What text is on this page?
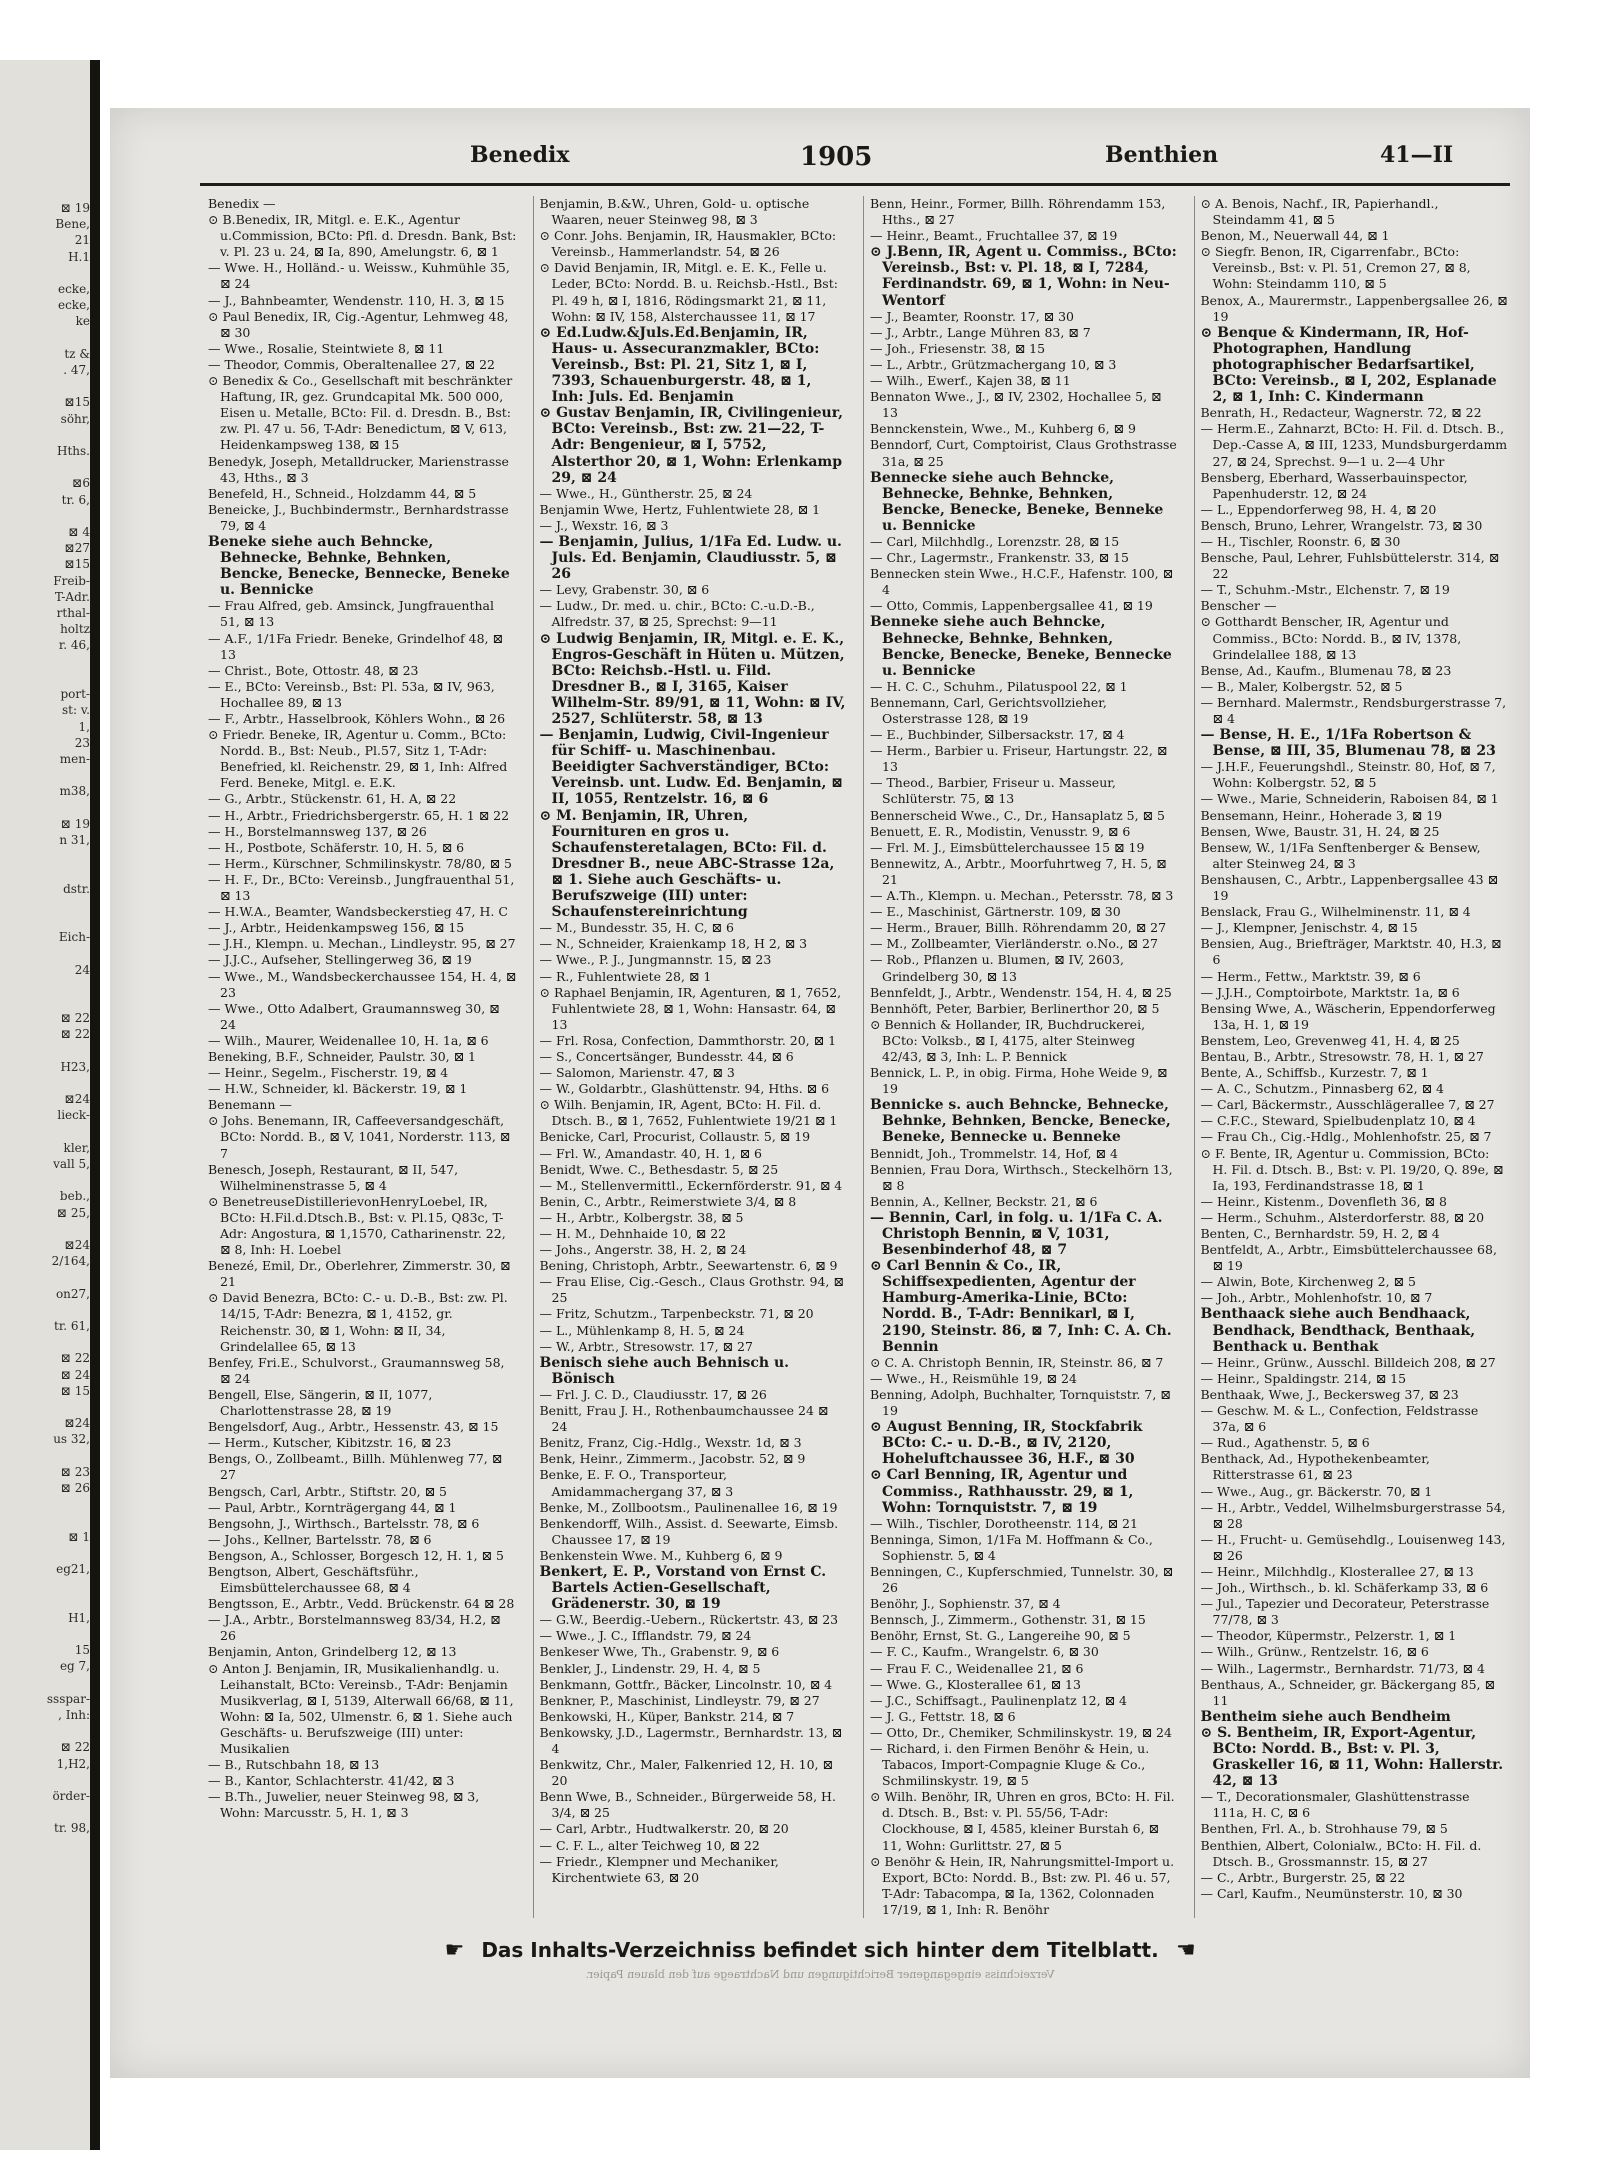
⊠ 19
Bene,
21
H.1

ecke,
ecke,
ke

tz &
. 47,

⊠15
söhr,

Hths.

⊠6
tr. 6,

⊠ 4
⊠27
⊠15
Freib-
T-Adr.
rthal-
holtz
r. 46,

port-
st: v.
1,
23
men-

m38,

⊠ 19
n 31,

dstr.

Eich-

24

⊠ 22
⊠ 22

H23,

⊠24
lieck-

kler,
vall 5,

beb.,
⊠ 25,

⊠24
2/164,

on27,

tr. 61,

⊠ 22
⊠ 24
⊠ 15

⊠24
us 32,

⊠ 23
⊠ 26

⊠ 1

eg21,

H1,

15
eg 7,

ssspar-
, Inh:

⊠ 22
1,H2,

örder-

tr. 98,
Benedix	1905	Benthien	41—II
Benedix —
⊙ B.Benedix, IR, Mitgl. e. E.K., Agentur u.Commission, BCto: Pfl. d. Dresdn. Bank, Bst: v. Pl. 23 u. 24, ⊠ Ia, 890, Amelungstr. 6, ⊠ 1
— Wwe. H., Holländ.- u. Weissw., Kuhmühle 35, ⊠ 24
— J., Bahnbeamter, Wendenstr. 110, H. 3, ⊠ 15
⊙ Paul Benedix, IR, Cig.-Agentur, Lehmweg 48, ⊠ 30
— Wwe., Rosalie, Steintwiete 8, ⊠ 11
— Theodor, Commis, Oberaltenallee 27, ⊠ 22
⊙ Benedix & Co., Gesellschaft mit beschränkter Haftung, IR, gez. Grundcapital Mk. 500 000, Eisen u. Metalle, BCto: Fil. d. Dresdn. B., Bst: zw. Pl. 47 u. 56, T-Adr: Benedictum, ⊠ V, 613, Heidenkampsweg 138, ⊠ 15
Benedyk, Joseph, Metalldrucker, Marienstrasse 43, Hths., ⊠ 3
Benefeld, H., Schneid., Holzdamm 44, ⊠ 5
Beneicke, J., Buchbindermstr., Bernhardstrasse 79, ⊠ 4
Beneke siehe auch Behncke, Behnecke, Behnke, Behnken, Bencke, Benecke, Bennecke, Beneke u. Bennicke
— Frau Alfred, geb. Amsinck, Jungfrauenthal 51, ⊠ 13
— A.F., 1/1Fa Friedr. Beneke, Grindelhof 48, ⊠ 13
— Christ., Bote, Ottostr. 48, ⊠ 23
— E., BCto: Vereinsb., Bst: Pl. 53a, ⊠ IV, 963, Hochallee 89, ⊠ 13
— F., Arbtr., Hasselbrook, Köhlers Wohn., ⊠ 26
⊙ Friedr. Beneke, IR, Agentur u. Comm., BCto: Nordd. B., Bst: Neub., Pl.57, Sitz 1, T-Adr: Benefried, kl. Reichenstr. 29, ⊠ 1, Inh: Alfred Ferd. Beneke, Mitgl. e. E.K.
— G., Arbtr., Stückenstr. 61, H. A, ⊠ 22
— H., Arbtr., Friedrichsbergerstr. 65, H. 1 ⊠ 22
— H., Borstelmannsweg 137, ⊠ 26
— H., Postbote, Schäferstr. 10, H. 5, ⊠ 6
— Herm., Kürschner, Schmilinskystr. 78/80, ⊠ 5
— H. F., Dr., BCto: Vereinsb., Jungfrauenthal 51, ⊠ 13
— H.W.A., Beamter, Wandsbeckerstieg 47, H. C
— J., Arbtr., Heidenkampsweg 156, ⊠ 15
— J.H., Klempn. u. Mechan., Lindleystr. 95, ⊠ 27
— J.J.C., Aufseher, Stellingerweg 36, ⊠ 19
— Wwe., M., Wandsbeckerchaussee 154, H. 4, ⊠ 23
— Wwe., Otto Adalbert, Graumannsweg 30, ⊠ 24
— Wilh., Maurer, Weidenallee 10, H. 1a, ⊠ 6
Beneking, B.F., Schneider, Paulstr. 30, ⊠ 1
— Heinr., Segelm., Fischerstr. 19, ⊠ 4
— H.W., Schneider, kl. Bäckerstr. 19, ⊠ 1
Benemann —
⊙ Johs. Benemann, IR, Caffeeversandgeschäft, BCto: Nordd. B., ⊠ V, 1041, Norderstr. 113, ⊠ 7
Benesch, Joseph, Restaurant, ⊠ II, 547, Wilhelminenstrasse 5, ⊠ 4
⊙ BenetreuseDistillerievonHenryLoebel, IR, BCto: H.Fil.d.Dtsch.B., Bst: v. Pl.15, Q83c, T-Adr: Angostura, ⊠ 1,1570, Catharinenstr. 22, ⊠ 8, Inh: H. Loebel
Benezé, Emil, Dr., Oberlehrer, Zimmerstr. 30, ⊠ 21
⊙ David Benezra, BCto: C.- u. D.-B., Bst: zw. Pl. 14/15, T-Adr: Benezra, ⊠ 1, 4152, gr. Reichenstr. 30, ⊠ 1, Wohn: ⊠ II, 34, Grindelallee 65, ⊠ 13
Benfey, Fri.E., Schulvorst., Graumannsweg 58, ⊠ 24
Bengell, Else, Sängerin, ⊠ II, 1077, Charlottenstrasse 28, ⊠ 19
Bengelsdorf, Aug., Arbtr., Hessenstr. 43, ⊠ 15
— Herm., Kutscher, Kibitzstr. 16, ⊠ 23
Bengs, O., Zollbeamt., Billh. Mühlenweg 77, ⊠ 27
Bengsch, Carl, Arbtr., Stiftstr. 20, ⊠ 5
— Paul, Arbtr., Kornträgergang 44, ⊠ 1
Bengsohn, J., Wirthsch., Bartelsstr. 78, ⊠ 6
— Johs., Kellner, Bartelsstr. 78, ⊠ 6
Bengson, A., Schlosser, Borgesch 12, H. 1, ⊠ 5
Bengtson, Albert, Geschäftsführ., Eimsbüttelerchaussee 68, ⊠ 4
Bengtsson, E., Arbtr., Vedd. Brückenstr. 64 ⊠ 28
— J.A., Arbtr., Borstelmannsweg 83/34, H.2, ⊠ 26
Benjamin, Anton, Grindelberg 12, ⊠ 13
⊙ Anton J. Benjamin, IR, Musikalienhandlg. u. Leihanstalt, BCto: Vereinsb., T-Adr: Benjamin Musikverlag, ⊠ I, 5139, Alterwall 66/68, ⊠ 11, Wohn: ⊠ Ia, 502, Ulmenstr. 6, ⊠ 1. Siehe auch Geschäfts- u. Berufszweige (III) unter: Musikalien
— B., Rutschbahn 18, ⊠ 13
— B., Kantor, Schlachterstr. 41/42, ⊠ 3
— B.Th., Juwelier, neuer Steinweg 98, ⊠ 3, Wohn: Marcusstr. 5, H. 1, ⊠ 3
Benjamin, B.&W., Uhren, Gold- u. optische Waaren, neuer Steinweg 98, ⊠ 3
⊙ Conr. Johs. Benjamin, IR, Hausmakler, BCto: Vereinsb., Hammerlandstr. 54, ⊠ 26
⊙ David Benjamin, IR, Mitgl. e. E. K., Felle u. Leder, BCto: Nordd. B. u. Reichsb.-Hstl., Bst: Pl. 49 h, ⊠ I, 1816, Rödingsmarkt 21, ⊠ 11, Wohn: ⊠ IV, 158, Alsterchaussee 11, ⊠ 17
⊙ Ed.Ludw.&Juls.Ed.Benjamin, IR, Haus- u. Assecuranzmakler, BCto: Vereinsb., Bst: Pl. 21, Sitz 1, ⊠ I, 7393, Schauenburgerstr. 48, ⊠ 1, Inh: Juls. Ed. Benjamin
⊙ Gustav Benjamin, IR, Civilingenieur, BCto: Vereinsb., Bst: zw. 21—22, T-Adr: Bengenieur, ⊠ I, 5752, Alsterthor 20, ⊠ 1, Wohn: Erlenkamp 29, ⊠ 24
— Wwe., H., Güntherstr. 25, ⊠ 24
Benjamin Wwe, Hertz, Fuhlentwiete 28, ⊠ 1
— J., Wexstr. 16, ⊠ 3
— Benjamin, Julius, 1/1Fa Ed. Ludw. u. Juls. Ed. Benjamin, Claudiusstr. 5, ⊠ 26
— Levy, Grabenstr. 30, ⊠ 6
— Ludw., Dr. med. u. chir., BCto: C.-u.D.-B., Alfredstr. 37, ⊠ 25, Sprechst: 9—11
⊙ Ludwig Benjamin, IR, Mitgl. e. E. K., Engros-Geschäft in Hüten u. Mützen, BCto: Reichsb.-Hstl. u. Fild. Dresdner B., ⊠ I, 3165, Kaiser Wilhelm-Str. 89/91, ⊠ 11, Wohn: ⊠ IV, 2527, Schlüterstr. 58, ⊠ 13
— Benjamin, Ludwig, Civil-Ingenieur für Schiff- u. Maschinenbau. Beeidigter Sachverständiger, BCto: Vereinsb. unt. Ludw. Ed. Benjamin, ⊠ II, 1055, Rentzelstr. 16, ⊠ 6
⊙ M. Benjamin, IR, Uhren, Fournituren en gros u. Schaufensteretalagen, BCto: Fil. d. Dresdner B., neue ABC-Strasse 12a, ⊠ 1. Siehe auch Geschäfts- u. Berufszweige (III) unter: Schaufenstereinrichtung
— M., Bundesstr. 35, H. C, ⊠ 6
— N., Schneider, Kraienkamp 18, H 2, ⊠ 3
— Wwe., P. J., Jungmannstr. 15, ⊠ 23
— R., Fuhlentwiete 28, ⊠ 1
⊙ Raphael Benjamin, IR, Agenturen, ⊠ 1, 7652, Fuhlentwiete 28, ⊠ 1, Wohn: Hansastr. 64, ⊠ 13
— Frl. Rosa, Confection, Dammthorstr. 20, ⊠ 1
— S., Concertsänger, Bundesstr. 44, ⊠ 6
— Salomon, Marienstr. 47, ⊠ 3
— W., Goldarbtr., Glashüttenstr. 94, Hths. ⊠ 6
⊙ Wilh. Benjamin, IR, Agent, BCto: H. Fil. d. Dtsch. B., ⊠ 1, 7652, Fuhlentwiete 19/21 ⊠ 1
Benicke, Carl, Procurist, Collaustr. 5, ⊠ 19
— Frl. W., Amandastr. 40, H. 1, ⊠ 6
Benidt, Wwe. C., Bethesdastr. 5, ⊠ 25
— M., Stellenvermittl., Eckernförderstr. 91, ⊠ 4
Benin, C., Arbtr., Reimerstwiete 3/4, ⊠ 8
— H., Arbtr., Kolbergstr. 38, ⊠ 5
— H. M., Dehnhaide 10, ⊠ 22
— Johs., Angerstr. 38, H. 2, ⊠ 24
Bening, Christoph, Arbtr., Seewartenstr. 6, ⊠ 9
— Frau Elise, Cig.-Gesch., Claus Grothstr. 94, ⊠ 25
— Fritz, Schutzm., Tarpenbeckstr. 71, ⊠ 20
— L., Mühlenkamp 8, H. 5, ⊠ 24
— W., Arbtr., Stresowstr. 17, ⊠ 27
Benisch siehe auch Behnisch u. Bönisch
— Frl. J. C. D., Claudiusstr. 17, ⊠ 26
Benitt, Frau J. H., Rothenbaumchaussee 24 ⊠ 24
Benitz, Franz, Cig.-Hdlg., Wexstr. 1d, ⊠ 3
Benk, Heinr., Zimmerm., Jacobstr. 52, ⊠ 9
Benke, E. F. O., Transporteur, Amidammachergang 37, ⊠ 3
Benke, M., Zollbootsm., Paulinenallee 16, ⊠ 19
Benkendorff, Wilh., Assist. d. Seewarte, Eimsb. Chaussee 17, ⊠ 19
Benkenstein Wwe. M., Kuhberg 6, ⊠ 9
Benkert, E. P., Vorstand von Ernst C. Bartels Actien-Gesellschaft, Grädenerstr. 30, ⊠ 19
— G.W., Beerdig.-Uebern., Rückertstr. 43, ⊠ 23
— Wwe., J. C., Ifflandstr. 79, ⊠ 24
Benkeser Wwe, Th., Grabenstr. 9, ⊠ 6
Benkler, J., Lindenstr. 29, H. 4, ⊠ 5
Benkmann, Gottfr., Bäcker, Lincolnstr. 10, ⊠ 4
Benkner, P., Maschinist, Lindleystr. 79, ⊠ 27
Benkowski, H., Küper, Bankstr. 214, ⊠ 7
Benkowsky, J.D., Lagermstr., Bernhardstr. 13, ⊠ 4
Benkwitz, Chr., Maler, Falkenried 12, H. 10, ⊠ 20
Benn Wwe, B., Schneider., Bürgerweide 58, H. 3/4, ⊠ 25
— Carl, Arbtr., Hudtwalkerstr. 20, ⊠ 20
— C. F. L., alter Teichweg 10, ⊠ 22
— Friedr., Klempner und Mechaniker, Kirchentwiete 63, ⊠ 20
Benn, Heinr., Former, Billh. Röhrendamm 153, Hths., ⊠ 27
— Heinr., Beamt., Fruchtallee 37, ⊠ 19
⊙ J.Benn, IR, Agent u. Commiss., BCto: Vereinsb., Bst: v. Pl. 18, ⊠ I, 7284, Ferdinandstr. 69, ⊠ 1, Wohn: in Neu-Wentorf
— J., Beamter, Roonstr. 17, ⊠ 30
— J., Arbtr., Lange Mühren 83, ⊠ 7
— Joh., Friesenstr. 38, ⊠ 15
— L., Arbtr., Grützmachergang 10, ⊠ 3
— Wilh., Ewerf., Kajen 38, ⊠ 11
Bennaton Wwe., J., ⊠ IV, 2302, Hochallee 5, ⊠ 13
Bennckenstein, Wwe., M., Kuhberg 6, ⊠ 9
Benndorf, Curt, Comptoirist, Claus Grothstrasse 31a, ⊠ 25
Bennecke siehe auch Behncke, Behnecke, Behnke, Behnken, Bencke, Benecke, Beneke, Benneke u. Bennicke
— Carl, Milchhdlg., Lorenzstr. 28, ⊠ 15
— Chr., Lagermstr., Frankenstr. 33, ⊠ 15
Bennecken stein Wwe., H.C.F., Hafenstr. 100, ⊠ 4
— Otto, Commis, Lappenbergsallee 41, ⊠ 19
Benneke siehe auch Behncke, Behnecke, Behnke, Behnken, Bencke, Benecke, Beneke, Bennecke u. Bennicke
— H. C. C., Schuhm., Pilatuspool 22, ⊠ 1
Bennemann, Carl, Gerichtsvollzieher, Osterstrasse 128, ⊠ 19
— E., Buchbinder, Silbersackstr. 17, ⊠ 4
— Herm., Barbier u. Friseur, Hartungstr. 22, ⊠ 13
— Theod., Barbier, Friseur u. Masseur, Schlüterstr. 75, ⊠ 13
Bennerscheid Wwe., C., Dr., Hansaplatz 5, ⊠ 5
Benuett, E. R., Modistin, Venusstr. 9, ⊠ 6
— Frl. M. J., Eimsbüttelerchaussee 15 ⊠ 19
Bennewitz, A., Arbtr., Moorfuhrtweg 7, H. 5, ⊠ 21
— A.Th., Klempn. u. Mechan., Petersstr. 78, ⊠ 3
— E., Maschinist, Gärtnerstr. 109, ⊠ 30
— Herm., Brauer, Billh. Röhrendamm 20, ⊠ 27
— M., Zollbeamter, Vierländerstr. o.No., ⊠ 27
— Rob., Pflanzen u. Blumen, ⊠ IV, 2603, Grindelberg 30, ⊠ 13
Bennfeldt, J., Arbtr., Wendenstr. 154, H. 4, ⊠ 25
Bennhöft, Peter, Barbier, Berlinerthor 20, ⊠ 5
⊙ Bennich & Hollander, IR, Buchdruckerei, BCto: Volksb., ⊠ I, 4175, alter Steinweg 42/43, ⊠ 3, Inh: L. P. Bennick
Bennick, L. P., in obig. Firma, Hohe Weide 9, ⊠ 19
Bennicke s. auch Behncke, Behnecke, Behnke, Behnken, Bencke, Benecke, Beneke, Bennecke u. Benneke
Bennidt, Joh., Trommelstr. 14, Hof, ⊠ 4
Bennien, Frau Dora, Wirthsch., Steckelhörn 13, ⊠ 8
Bennin, A., Kellner, Beckstr. 21, ⊠ 6
— Bennin, Carl, in folg. u. 1/1Fa C. A. Christoph Bennin, ⊠ V, 1031, Besenbinderhof 48, ⊠ 7
⊙ Carl Bennin & Co., IR, Schiffsexpedienten, Agentur der Hamburg-Amerika-Linie, BCto: Nordd. B., T-Adr: Bennikarl, ⊠ I, 2190, Steinstr. 86, ⊠ 7, Inh: C. A. Ch. Bennin
⊙ C. A. Christoph Bennin, IR, Steinstr. 86, ⊠ 7
— Wwe., H., Reismühle 19, ⊠ 24
Benning, Adolph, Buchhalter, Tornquiststr. 7, ⊠ 19
⊙ August Benning, IR, Stockfabrik BCto: C.- u. D.-B., ⊠ IV, 2120, Hoheluftchaussee 36, H.F., ⊠ 30
⊙ Carl Benning, IR, Agentur und Commiss., Rathhausstr. 29, ⊠ 1, Wohn: Tornquiststr. 7, ⊠ 19
— Wilh., Tischler, Dorotheenstr. 114, ⊠ 21
Benninga, Simon, 1/1Fa M. Hoffmann & Co., Sophienstr. 5, ⊠ 4
Benningen, C., Kupferschmied, Tunnelstr. 30, ⊠ 26
Benöhr, J., Sophienstr. 37, ⊠ 4
Bennsch, J., Zimmerm., Gothenstr. 31, ⊠ 15
Benöhr, Ernst, St. G., Langereihe 90, ⊠ 5
— F. C., Kaufm., Wrangelstr. 6, ⊠ 30
— Frau F. C., Weidenallee 21, ⊠ 6
— Wwe. G., Klosterallee 61, ⊠ 13
— J.C., Schiffsagt., Paulinenplatz 12, ⊠ 4
— J. G., Fettstr. 18, ⊠ 6
— Otto, Dr., Chemiker, Schmilinskystr. 19, ⊠ 24
— Richard, i. den Firmen Benöhr & Hein, u. Tabacos, Import-Compagnie Kluge & Co., Schmilinskystr. 19, ⊠ 5
⊙ Wilh. Benöhr, IR, Uhren en gros, BCto: H. Fil. d. Dtsch. B., Bst: v. Pl. 55/56, T-Adr: Clockhouse, ⊠ I, 4585, kleiner Burstah 6, ⊠ 11, Wohn: Gurlittstr. 27, ⊠ 5
⊙ Benöhr & Hein, IR, Nahrungsmittel-Import u. Export, BCto: Nordd. B., Bst: zw. Pl. 46 u. 57, T-Adr: Tabacompa, ⊠ Ia, 1362, Colonnaden 17/19, ⊠ 1, Inh: R. Benöhr
⊙ A. Benois, Nachf., IR, Papierhandl., Steindamm 41, ⊠ 5
Benon, M., Neuerwall 44, ⊠ 1
⊙ Siegfr. Benon, IR, Cigarrenfabr., BCto: Vereinsb., Bst: v. Pl. 51, Cremon 27, ⊠ 8, Wohn: Steindamm 110, ⊠ 5
Benox, A., Maurermstr., Lappenbergsallee 26, ⊠ 19
⊙ Benque & Kindermann, IR, Hof-Photographen, Handlung photographischer Bedarfsartikel, BCto: Vereinsb., ⊠ I, 202, Esplanade 2, ⊠ 1, Inh: C. Kindermann
Benrath, H., Redacteur, Wagnerstr. 72, ⊠ 22
— Herm.E., Zahnarzt, BCto: H. Fil. d. Dtsch. B., Dep.-Casse A, ⊠ III, 1233, Mundsburgerdamm 27, ⊠ 24, Sprechst. 9—1 u. 2—4 Uhr
Bensberg, Eberhard, Wasserbauinspector, Papenhuderstr. 12, ⊠ 24
— L., Eppendorferweg 98, H. 4, ⊠ 20
Bensch, Bruno, Lehrer, Wrangelstr. 73, ⊠ 30
— H., Tischler, Roonstr. 6, ⊠ 30
Bensche, Paul, Lehrer, Fuhlsbüttelerstr. 314, ⊠ 22
— T., Schuhm.-Mstr., Elchenstr. 7, ⊠ 19
Benscher —
⊙ Gotthardt Benscher, IR, Agentur und Commiss., BCto: Nordd. B., ⊠ IV, 1378, Grindelallee 188, ⊠ 13
Bense, Ad., Kaufm., Blumenau 78, ⊠ 23
— B., Maler, Kolbergstr. 52, ⊠ 5
— Bernhard. Malermstr., Rendsburgerstrasse 7, ⊠ 4
— Bense, H. E., 1/1Fa Robertson & Bense, ⊠ III, 35, Blumenau 78, ⊠ 23
— J.H.F., Feuerungshdl., Steinstr. 80, Hof, ⊠ 7, Wohn: Kolbergstr. 52, ⊠ 5
— Wwe., Marie, Schneiderin, Raboisen 84, ⊠ 1
Bensemann, Heinr., Hoherade 3, ⊠ 19
Bensen, Wwe, Baustr. 31, H. 24, ⊠ 25
Bensew, W., 1/1Fa Senftenberger & Bensew, alter Steinweg 24, ⊠ 3
Benshausen, C., Arbtr., Lappenbergsallee 43 ⊠ 19
Benslack, Frau G., Wilhelminenstr. 11, ⊠ 4
— J., Klempner, Jenischstr. 4, ⊠ 15
Bensien, Aug., Briefträger, Marktstr. 40, H.3, ⊠ 6
— Herm., Fettw., Marktstr. 39, ⊠ 6
— J.J.H., Comptoirbote, Marktstr. 1a, ⊠ 6
Bensing Wwe, A., Wäscherin, Eppendorferweg 13a, H. 1, ⊠ 19
Benstem, Leo, Grevenweg 41, H. 4, ⊠ 25
Bentau, B., Arbtr., Stresowstr. 78, H. 1, ⊠ 27
Bente, A., Schiffsb., Kurzestr. 7, ⊠ 1
— A. C., Schutzm., Pinnasberg 62, ⊠ 4
— Carl, Bäckermstr., Ausschlägerallee 7, ⊠ 27
— C.F.C., Steward, Spielbudenplatz 10, ⊠ 4
— Frau Ch., Cig.-Hdlg., Mohlenhofstr. 25, ⊠ 7
⊙ F. Bente, IR, Agentur u. Commission, BCto: H. Fil. d. Dtsch. B., Bst: v. Pl. 19/20, Q. 89e, ⊠ Ia, 193, Ferdinandstrasse 18, ⊠ 1
— Heinr., Kistenm., Dovenfleth 36, ⊠ 8
— Herm., Schuhm., Alsterdorferstr. 88, ⊠ 20
Benten, C., Bernhardstr. 59, H. 2, ⊠ 4
Bentfeldt, A., Arbtr., Eimsbüttelerchaussee 68, ⊠ 19
— Alwin, Bote, Kirchenweg 2, ⊠ 5
— Joh., Arbtr., Mohlenhofstr. 10, ⊠ 7
Benthaack siehe auch Bendhaack, Bendhack, Bendthack, Benthaak, Benthack u. Benthak
— Heinr., Grünw., Ausschl. Billdeich 208, ⊠ 27
— Heinr., Spaldingstr. 214, ⊠ 15
Benthaak, Wwe, J., Beckersweg 37, ⊠ 23
— Geschw. M. & L., Confection, Feldstrasse 37a, ⊠ 6
— Rud., Agathenstr. 5, ⊠ 6
Benthack, Ad., Hypothekenbeamter, Ritterstrasse 61, ⊠ 23
— Wwe., Aug., gr. Bäckerstr. 70, ⊠ 1
— H., Arbtr., Veddel, Wilhelmsburgerstrasse 54, ⊠ 28
— H., Frucht- u. Gemüsehdlg., Louisenweg 143, ⊠ 26
— Heinr., Milchhdlg., Klosterallee 27, ⊠ 13
— Joh., Wirthsch., b. kl. Schäferkamp 33, ⊠ 6
— Jul., Tapezier und Decorateur, Peterstrasse 77/78, ⊠ 3
— Theodor, Küpermstr., Pelzerstr. 1, ⊠ 1
— Wilh., Grünw., Rentzelstr. 16, ⊠ 6
— Wilh., Lagermstr., Bernhardstr. 71/73, ⊠ 4
Benthaus, A., Schneider, gr. Bäckergang 85, ⊠ 11
Bentheim siehe auch Bendheim
⊙ S. Bentheim, IR, Export-Agentur, BCto: Nordd. B., Bst: v. Pl. 3, Graskeller 16, ⊠ 11, Wohn: Hallerstr. 42, ⊠ 13
— T., Decorationsmaler, Glashüttenstrasse 111a, H. C, ⊠ 6
Benthen, Frl. A., b. Strohhause 79, ⊠ 5
Benthien, Albert, Colonialw., BCto: H. Fil. d. Dtsch. B., Grossmannstr. 15, ⊠ 27
— C., Arbtr., Burgerstr. 25, ⊠ 22
— Carl, Kaufm., Neumünsterstr. 10, ⊠ 30
☛ Das Inhalts-Verzeichniss befindet sich hinter dem Titelblatt. ☛
Verzeichniss eingegangener Berichtigungen und Nachtraege auf den blauen Papier.
